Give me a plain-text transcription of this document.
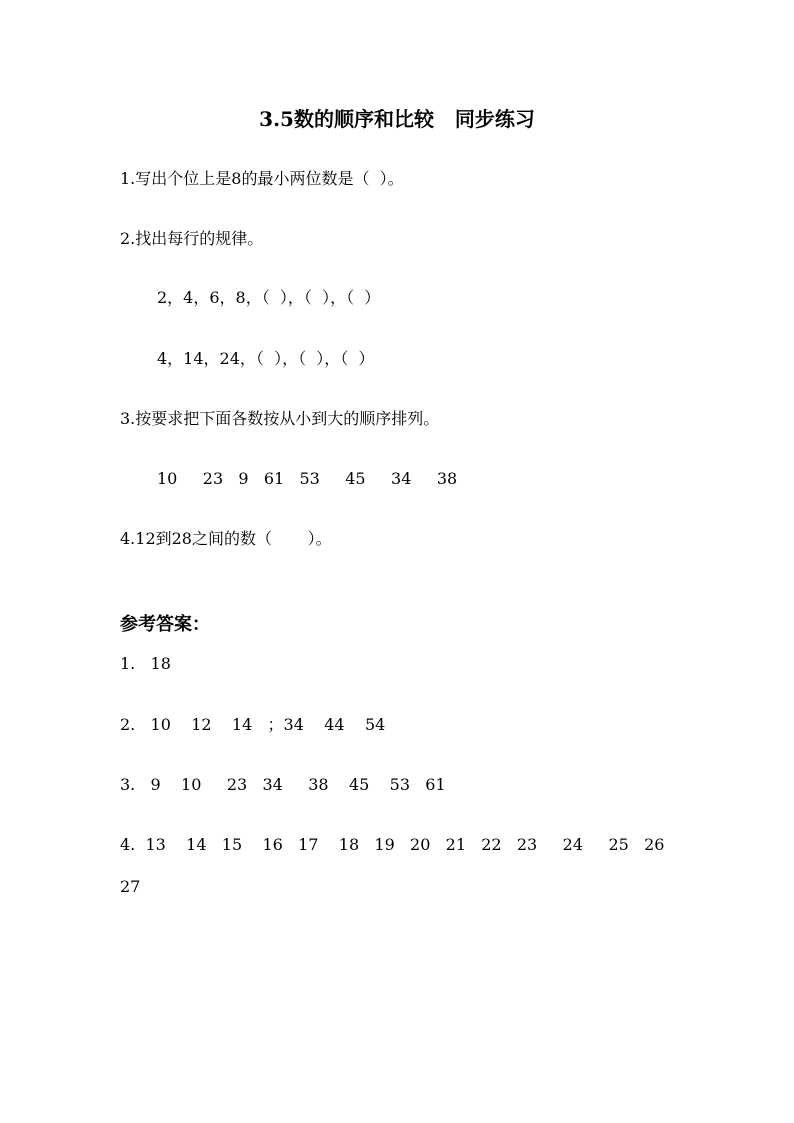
3.5数的顺序和比较   同步练习
1.写出个位上是8的最小两位数是（  ）。
2.找出每行的规律。
2，4，6，8，（  ），（  ），（  ）
4，14，24，（  ），（  ），（  ）
3.按要求把下面各数按从小到大的顺序排列。
10     23   9   61   53     45     34     38
4.12到28之间的数（       ）。
参考答案：
1.   18
2.   10    12    14   ；34    44    54
3.   9    10     23   34     38    45    53   61
4.  13    14   15    16   17    18   19   20   21   22   23     24     25   26
27
